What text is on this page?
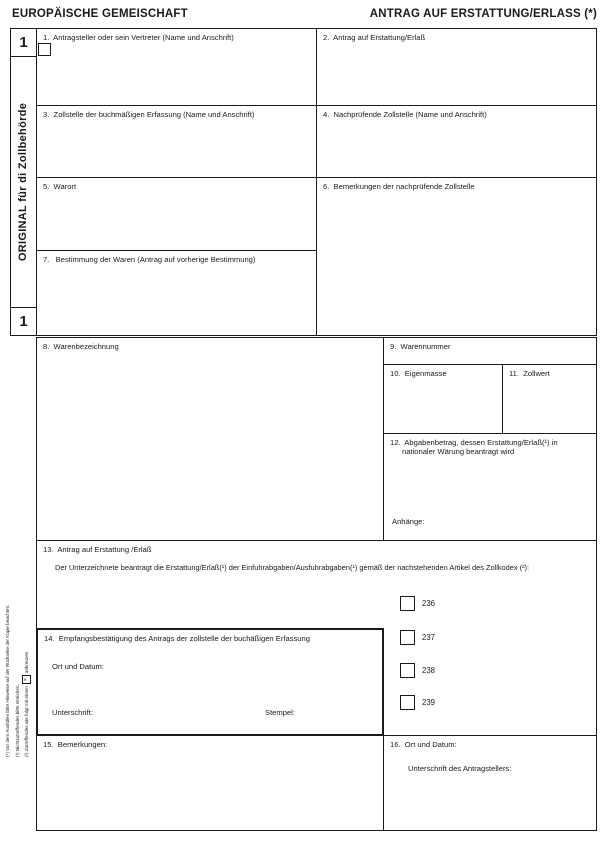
EUROPÄISCHE GEMEISCHAFT	ANTRAG AUF ERSTATTUNG/ERLASS (*)
1
ORIGINAL für di Zollbehörde
1
1.  Antragsteller oder sein Vertreter (Name und Anschrift)	2.  Antrag auf Erstattung/Erlaß
3.  Zollstelle der buchmäßigen Erfassung (Name und Anschrift)	4.  Nachprüfende Zollstelle (Name und Anschrift)
5.  Warort	6.  Bemerkungen der nachprüfende Zollstelle
7.   Bestimmung der Waren (Antrag auf vorherige Bestimmung)
8.  Warenbezeichnung	9.  Warennummer
10.  Eigenmasse	11.  Zollwert
12.  Abgabenbetrag, dessen Erstattung/Erlaß(¹) in nationaler Wärung beantragt wird
Anhänge:
13.  Antrag auf Erstattung /Erlaß
Der Unterzeichnete beantragt die Erstattung/Erlaß(¹) der Einfuhrabgaben/Ausfuhrabgaben(¹) gemäß der nachstehenden Artikel des Zollkodex (²):
236
237
238
239
14.  Empfangsbestätigung des Antrags der zollstelle der buchäßigen Erfassung
Ort und Datum:
Unterschrift:	Stempel:
15.  Bemerkungen:	16.  Ort und Datum:
Unterschrift des Antragstellers:
(*) Vor dem Ausfüllen bitte Hinweise auf der Rückseite der Kopie beachten. (¹) Nichtzutreffendes bitte streichen. (²) Zutreffendes wie folgt mit einem×ankreuzen.
